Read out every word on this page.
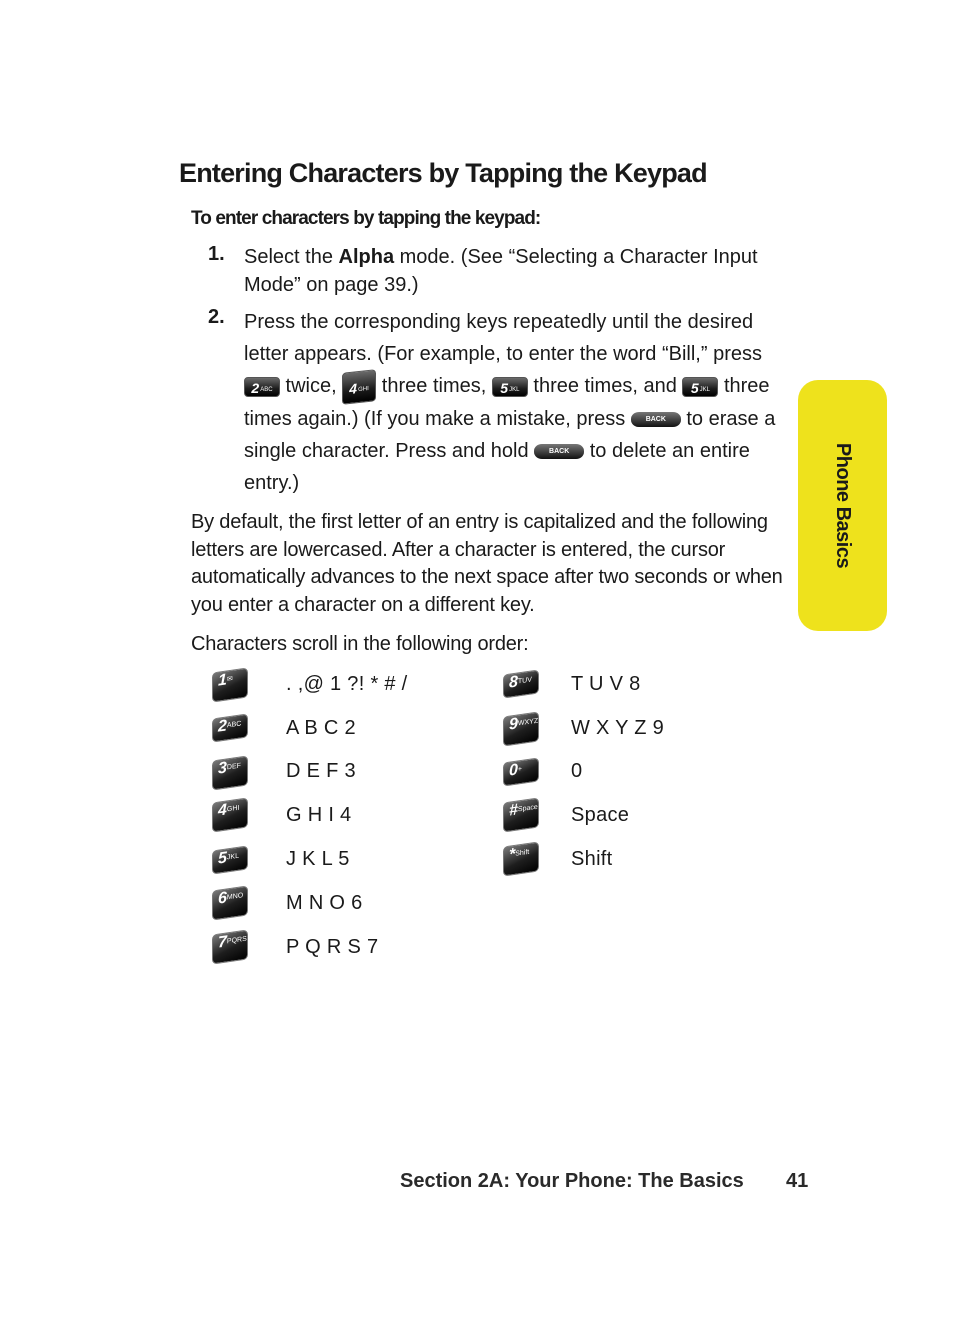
Entering Characters by Tapping the Keypad
To enter characters by tapping the keypad:
1. Select the Alpha mode. (See “Selecting a Character Input Mode” on page 39.)
2. Press the corresponding keys repeatedly until the desired letter appears. (For example, to enter the word “Bill,” press 2ABC twice, 4GHI three times, 5JKL three times, and 5JKL three times again.) (If you make a mistake, press BACK to erase a single character. Press and hold BACK to delete an entire entry.)
By default, the first letter of an entry is capitalized and the following letters are lowercased. After a character is entered, the cursor automatically advances to the next space after two seconds or when you enter a character on a different key.
Characters scroll in the following order:
1✉	. ,@ 1 ?! * # /
2ABC	A B C 2
3DEF	D E F 3
4GHI	G H I 4
5JKL	J K L 5
6MNO M N O 6
7PQRS P Q R S 7
8TUV	T U V 8
9WXYZ W X Y Z 9
0+	0
#Space Space
*Shift	Shift
Phone Basics
Section 2A: Your Phone: The Basics 41
